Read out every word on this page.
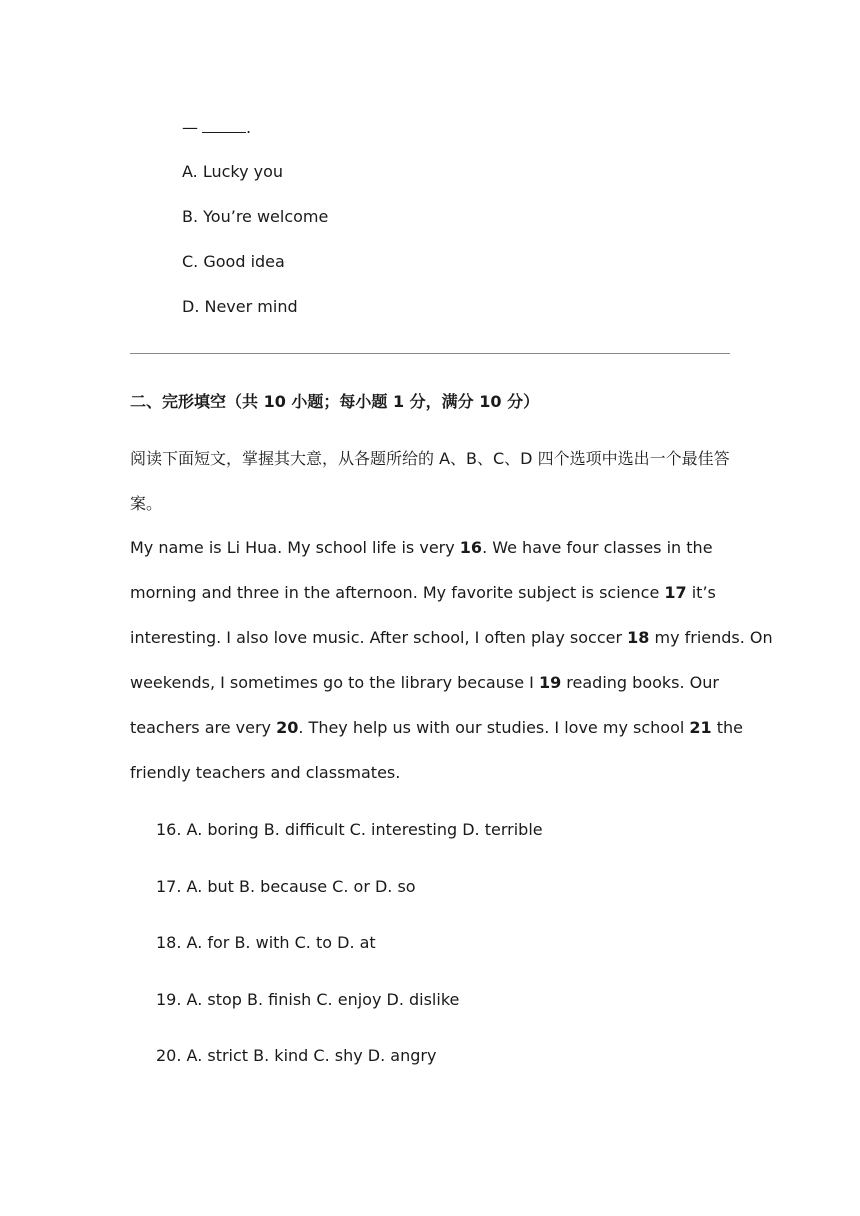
—	.
A. Lucky you
B. You’re welcome
C. Good idea
D. Never mind
二、完形填空（共 10 小题；每小题 1 分，满分 10 分）
阅读下面短文，掌握其大意，从各题所给的 A、B、C、D 四个选项中选出一个最佳答
案。
My name is Li Hua. My school life is very 16. We have four classes in the
morning and three in the afternoon. My favorite subject is science 17 it’s
interesting. I also love music. After school, I often play soccer 18 my friends. On
weekends, I sometimes go to the library because I 19 reading books. Our
teachers are very 20. They help us with our studies. I love my school 21 the
friendly teachers and classmates.
16. A. boring B. difficult C. interesting D. terrible
17. A. but B. because C. or D. so
18. A. for B. with C. to D. at
19. A. stop B. finish C. enjoy D. dislike
20. A. strict B. kind C. shy D. angry
